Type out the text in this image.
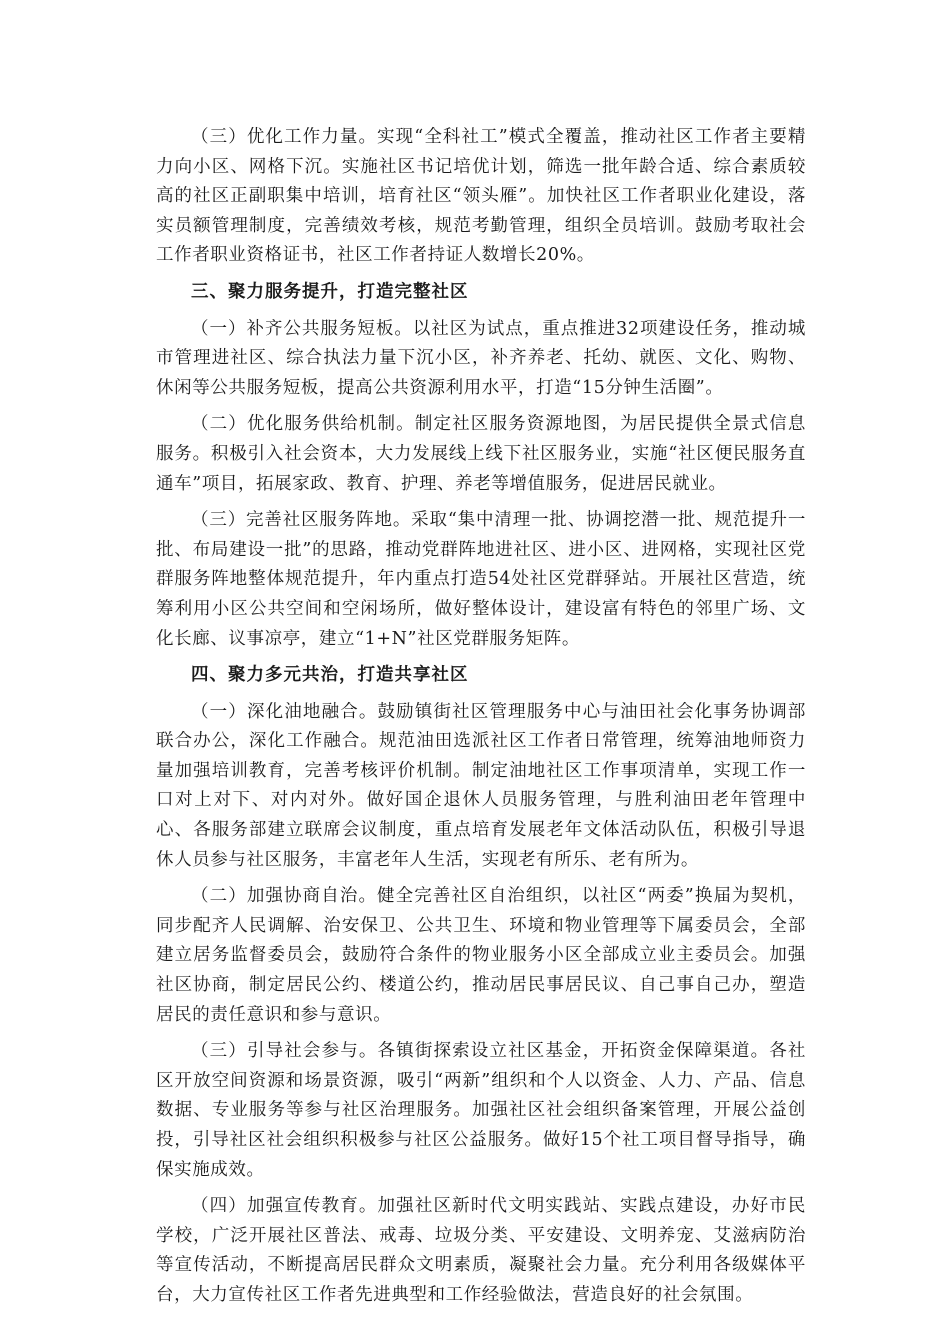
（三）优化工作力量。实现“全科社工”模式全覆盖，推动社区工作者主要精力向小区、网格下沉。实施社区书记培优计划，筛选一批年龄合适、综合素质较高的社区正副职集中培训，培育社区“领头雁”。加快社区工作者职业化建设，落实员额管理制度，完善绩效考核，规范考勤管理，组织全员培训。鼓励考取社会工作者职业资格证书，社区工作者持证人数增长20%。

三、聚力服务提升，打造完整社区

（一）补齐公共服务短板。以社区为试点，重点推进32项建设任务，推动城市管理进社区、综合执法力量下沉小区，补齐养老、托幼、就医、文化、购物、休闲等公共服务短板，提高公共资源利用水平，打造“15分钟生活圈”。

（二）优化服务供给机制。制定社区服务资源地图，为居民提供全景式信息服务。积极引入社会资本，大力发展线上线下社区服务业，实施“社区便民服务直通车”项目，拓展家政、教育、护理、养老等增值服务，促进居民就业。

（三）完善社区服务阵地。采取“集中清理一批、协调挖潜一批、规范提升一批、布局建设一批”的思路，推动党群阵地进社区、进小区、进网格，实现社区党群服务阵地整体规范提升，年内重点打造54处社区党群驿站。开展社区营造，统筹利用小区公共空间和空闲场所，做好整体设计，建设富有特色的邻里广场、文化长廊、议事凉亭，建立“1+N”社区党群服务矩阵。

四、聚力多元共治，打造共享社区

（一）深化油地融合。鼓励镇街社区管理服务中心与油田社会化事务协调部联合办公，深化工作融合。规范油田选派社区工作者日常管理，统筹油地师资力量加强培训教育，完善考核评价机制。制定油地社区工作事项清单，实现工作一口对上对下、对内对外。做好国企退休人员服务管理，与胜利油田老年管理中心、各服务部建立联席会议制度，重点培育发展老年文体活动队伍，积极引导退休人员参与社区服务，丰富老年人生活，实现老有所乐、老有所为。

（二）加强协商自治。健全完善社区自治组织，以社区“两委”换届为契机，同步配齐人民调解、治安保卫、公共卫生、环境和物业管理等下属委员会，全部建立居务监督委员会，鼓励符合条件的物业服务小区全部成立业主委员会。加强社区协商，制定居民公约、楼道公约，推动居民事居民议、自己事自己办，塑造居民的责任意识和参与意识。

（三）引导社会参与。各镇街探索设立社区基金，开拓资金保障渠道。各社区开放空间资源和场景资源，吸引“两新”组织和个人以资金、人力、产品、信息数据、专业服务等参与社区治理服务。加强社区社会组织备案管理，开展公益创投，引导社区社会组织积极参与社区公益服务。做好15个社工项目督导指导，确保实施成效。

（四）加强宣传教育。加强社区新时代文明实践站、实践点建设，办好市民学校，广泛开展社区普法、戒毒、垃圾分类、平安建设、文明养宠、艾滋病防治等宣传活动，不断提高居民群众文明素质，凝聚社会力量。充分利用各级媒体平台，大力宣传社区工作者先进典型和工作经验做法，营造良好的社会氛围。
